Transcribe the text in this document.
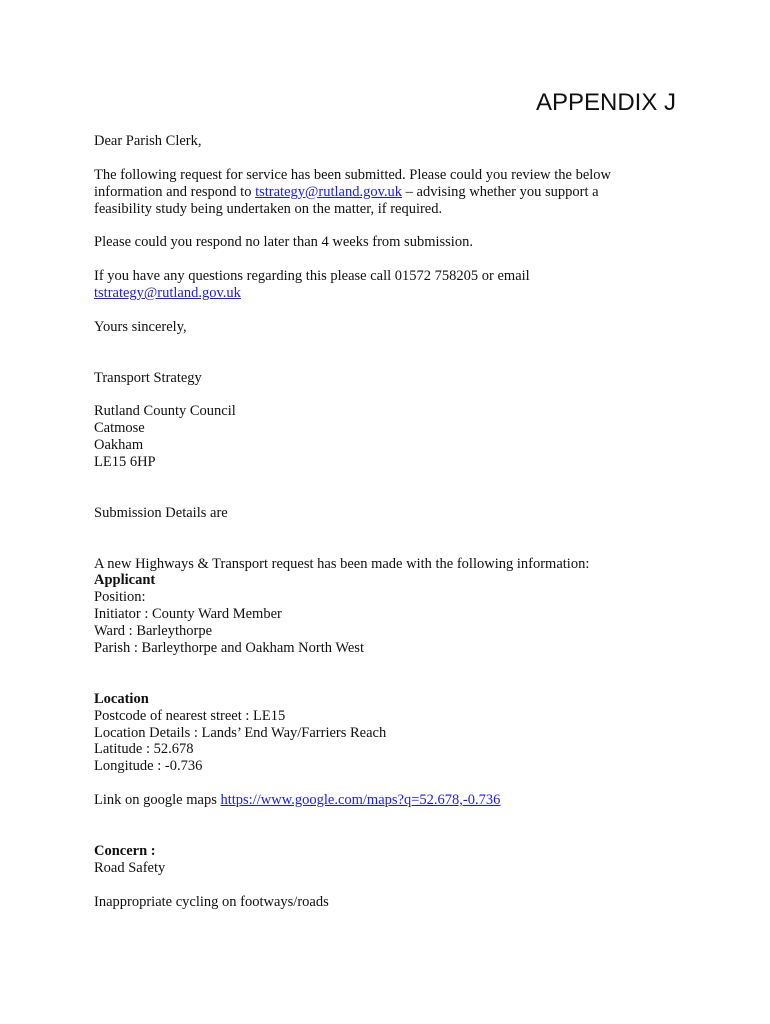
APPENDIX J
Dear Parish Clerk,
The following request for service has been submitted. Please could you review the below
information and respond to tstrategy@rutland.gov.uk – advising whether you support a
feasibility study being undertaken on the matter, if required.
Please could you respond no later than 4 weeks from submission.
If you have any questions regarding this please call 01572 758205 or email
tstrategy@rutland.gov.uk
Yours sincerely,
Transport Strategy
Rutland County Council
Catmose
Oakham
LE15 6HP
Submission Details are
A new Highways & Transport request has been made with the following information:
Applicant
Position:
Initiator : County Ward Member
Ward : Barleythorpe
Parish : Barleythorpe and Oakham North West
Location
Postcode of nearest street : LE15
Location Details : Lands’ End Way/Farriers Reach
Latitude : 52.678
Longitude : -0.736
Link on google maps https://www.google.com/maps?q=52.678,-0.736
Concern :
Road Safety
Inappropriate cycling on footways/roads
